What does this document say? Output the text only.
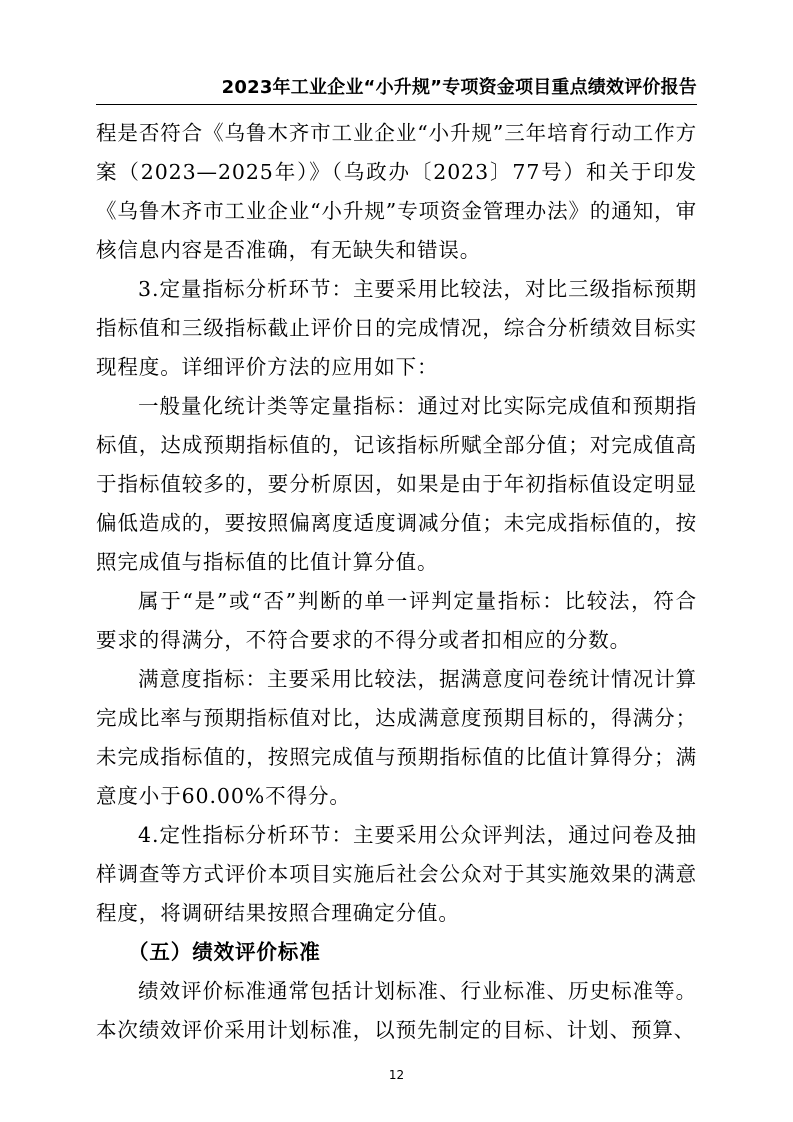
2023年工业企业“小升规”专项资金项目重点绩效评价报告

程是否符合《乌鲁木齐市工业企业“小升规”三年培育行动工作方案（2023—2025年）》（乌政办〔2023〕77号）和关于印发《乌鲁木齐市工业企业“小升规”专项资金管理办法》的通知，审核信息内容是否准确，有无缺失和错误。

3.定量指标分析环节：主要采用比较法，对比三级指标预期指标值和三级指标截止评价日的完成情况，综合分析绩效目标实现程度。详细评价方法的应用如下：

一般量化统计类等定量指标：通过对比实际完成值和预期指标值，达成预期指标值的，记该指标所赋全部分值；对完成值高于指标值较多的，要分析原因，如果是由于年初指标值设定明显偏低造成的，要按照偏离度适度调减分值；未完成指标值的，按照完成值与指标值的比值计算分值。

属于“是”或“否”判断的单一评判定量指标：比较法，符合要求的得满分，不符合要求的不得分或者扣相应的分数。

满意度指标：主要采用比较法，据满意度问卷统计情况计算完成比率与预期指标值对比，达成满意度预期目标的，得满分；未完成指标值的，按照完成值与预期指标值的比值计算得分；满意度小于60.00%不得分。

4.定性指标分析环节：主要采用公众评判法，通过问卷及抽样调查等方式评价本项目实施后社会公众对于其实施效果的满意程度，将调研结果按照合理确定分值。

（五）绩效评价标准

绩效评价标准通常包括计划标准、行业标准、历史标准等。本次绩效评价采用计划标准，以预先制定的目标、计划、预算、

12
